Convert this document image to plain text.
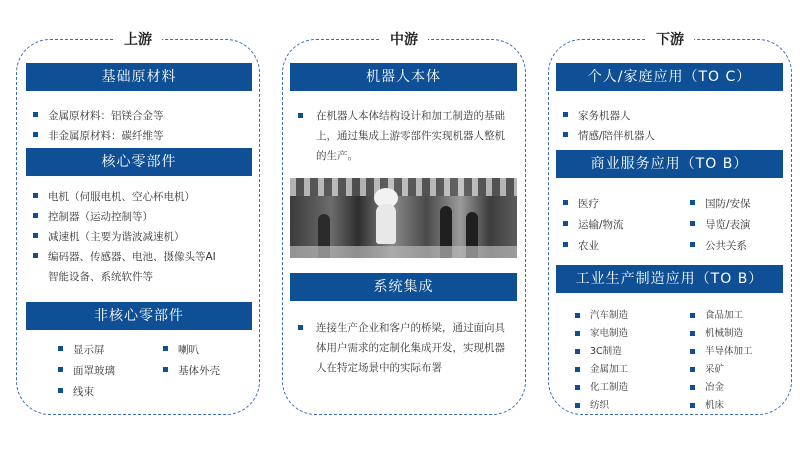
上游
基础原材料
金属原材料：铝镁合金等
非金属原材料：碳纤维等
核心零部件
电机（伺服电机、空心杯电机）
控制器（运动控制等）
减速机（主要为谐波减速机）
编码器、传感器、电池、摄像头等AI
智能设备、系统软件等
非核心零部件
显示屏
面罩玻璃
线束
喇叭
基体外壳
中游
机器人本体
在机器人本体结构设计和加工制造的基础上，通过集成上游零部件实现机器人整机的生产。
系统集成
连接生产企业和客户的桥梁，通过面向具体用户需求的定制化集成开发，实现机器人在特定场景中的实际布署
下游
个人/家庭应用（TO C）
家务机器人
情感/陪伴机器人
商业服务应用（TO B）
医疗
运输/物流
农业
国防/安保
导览/表演
公共关系
工业生产制造应用（TO B）
汽车制造
家电制造
3C制造
金属加工
化工制造
纺织
食品加工
机械制造
半导体加工
采矿
冶金
机床
